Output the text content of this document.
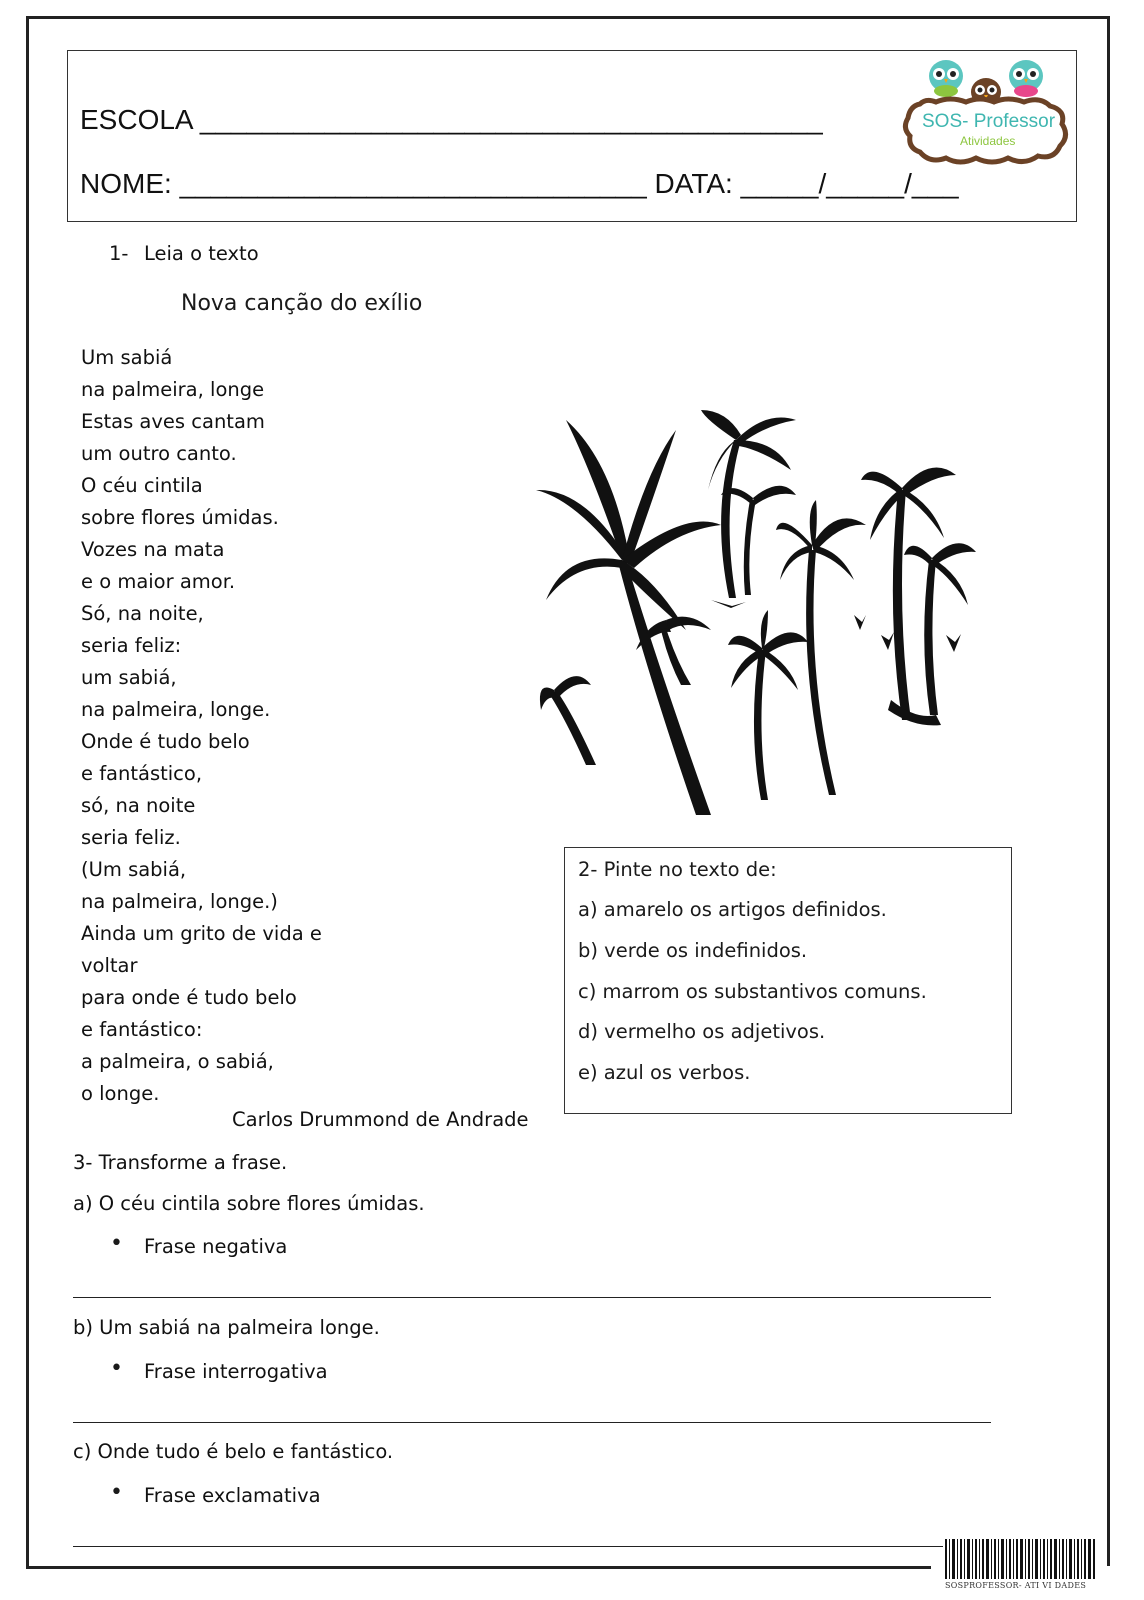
ESCOLA ________________________________________
NOME: ______________________________ DATA: _____/_____/___
SOS- Professor
Atividades
1- Leia o texto
Nova canção do exílio
Um sabiá
na palmeira, longe
Estas aves cantam
um outro canto.
O céu cintila
sobre flores úmidas.
Vozes na mata
e o maior amor.
Só, na noite,
seria feliz:
um sabiá,
na palmeira, longe.
Onde é tudo belo
e fantástico,
só, na noite
seria feliz.
(Um sabiá,
na palmeira, longe.)
Ainda um grito de vida e
voltar
para onde é tudo belo
e fantástico:
a palmeira, o sabiá,
o longe.
Carlos Drummond de Andrade
2- Pinte no texto de:
a) amarelo os artigos definidos.
b) verde os indefinidos.
c) marrom os substantivos comuns.
d) vermelho os adjetivos.
e) azul os verbos.
3- Transforme a frase.
a) O céu cintila sobre flores úmidas.
• Frase negativa
b) Um sabiá na palmeira longe.
• Frase interrogativa
c) Onde tudo é belo e fantástico.
• Frase exclamativa
SOSPROFESSOR- ATI VI DADES
